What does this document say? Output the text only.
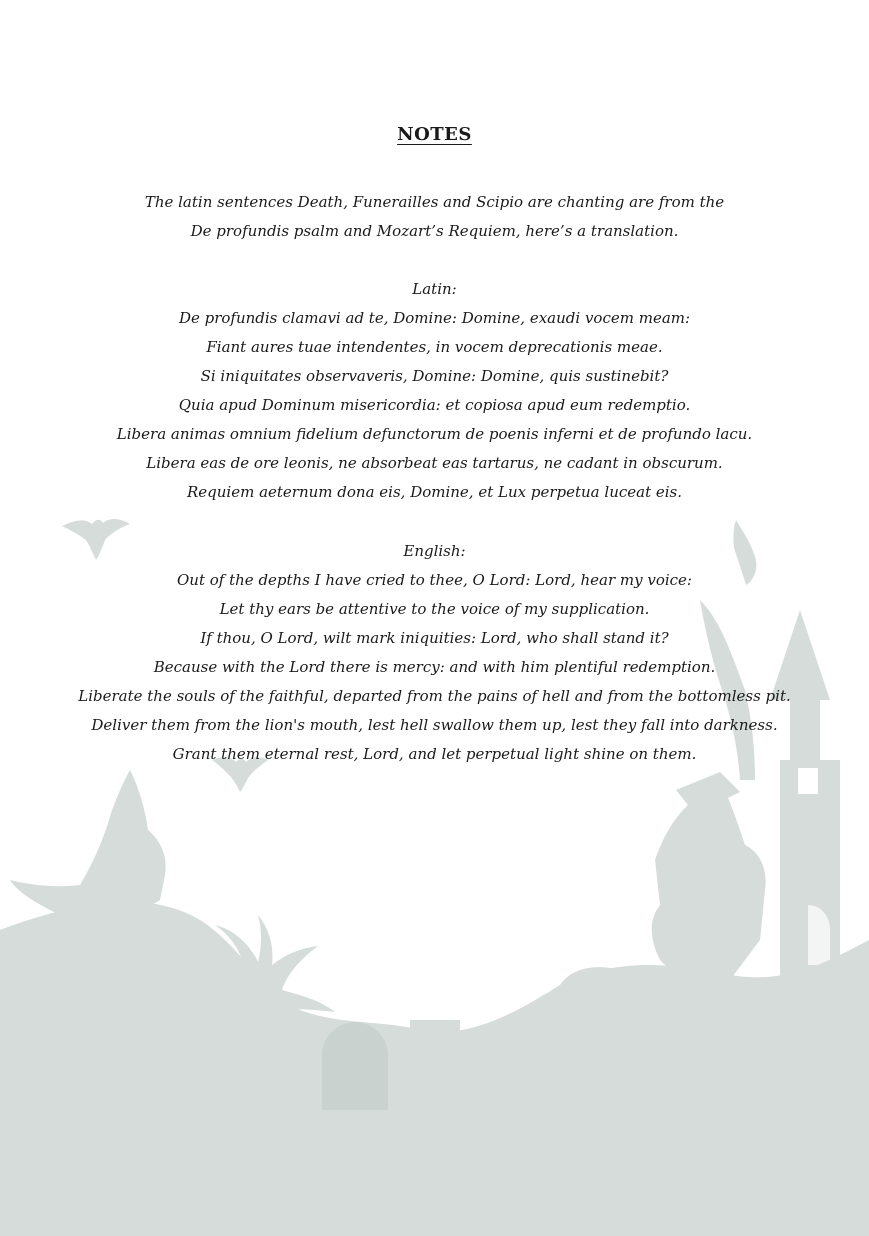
NOTES
The latin sentences Death, Funerailles and Scipio are chanting are from the
De profundis psalm and Mozart’s Requiem, here’s a translation.
Latin:
De profundis clamavi ad te, Domine: Domine, exaudi vocem meam:
Fiant aures tuae intendentes, in vocem deprecationis meae.
Si iniquitates observaveris, Domine: Domine, quis sustinebit?
Quia apud Dominum misericordia: et copiosa apud eum redemptio.
Libera animas omnium fidelium defunctorum de poenis inferni et de profundo lacu.
Libera eas de ore leonis, ne absorbeat eas tartarus, ne cadant in obscurum.
Requiem aeternum dona eis, Domine, et Lux perpetua luceat eis.
English:
Out of the depths I have cried to thee, O Lord: Lord, hear my voice:
Let thy ears be attentive to the voice of my supplication.
If thou, O Lord, wilt mark iniquities: Lord, who shall stand it?
Because with the Lord there is mercy: and with him plentiful redemption.
Liberate the souls of the faithful, departed from the pains of hell and from the bottomless pit.
Deliver them from the lion's mouth, lest hell swallow them up, lest they fall into darkness.
Grant them eternal rest, Lord, and let perpetual light shine on them.
